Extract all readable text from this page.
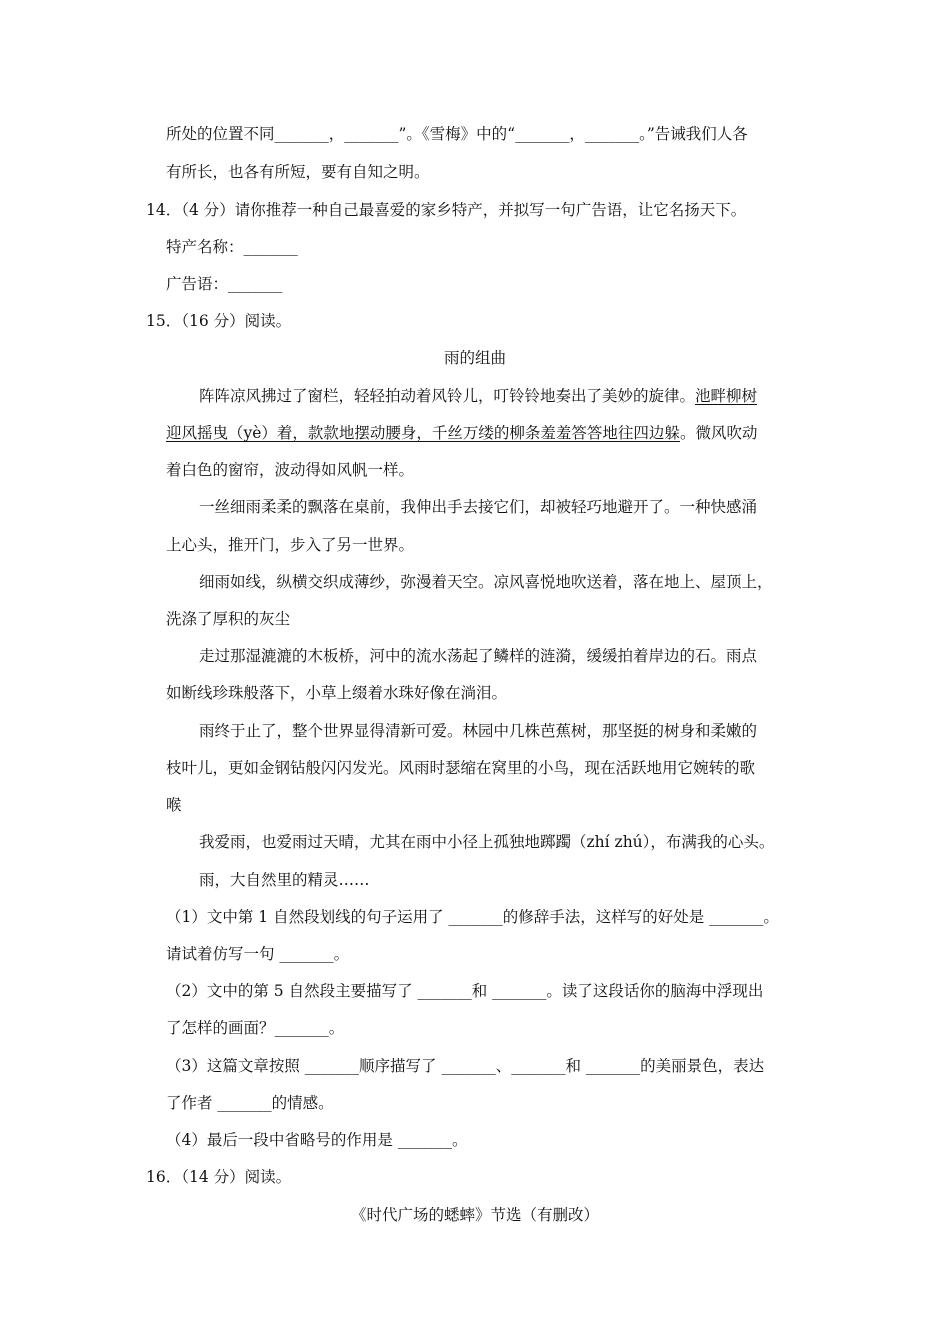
所处的位置不同_______，_______”。《雪梅》中的“_______，_______。”告诫我们人各
有所长，也各有所短，要有自知之明。
14．（4 分）请你推荐一种自己最喜爱的家乡特产，并拟写一句广告语，让它名扬天下。
特产名称：_______
广告语：_______
15．（16 分）阅读。
雨的组曲
阵阵凉风拂过了窗栏，轻轻拍动着风铃儿，叮铃铃地奏出了美妙的旋律。池畔柳树
迎风摇曳（yè）着，款款地摆动腰身，千丝万缕的柳条羞羞答答地往四边躲。微风吹动
着白色的窗帘，波动得如风帆一样。
一丝细雨柔柔的飘落在桌前，我伸出手去接它们，却被轻巧地避开了。一种快感涌
上心头，推开门，步入了另一世界。
细雨如线，纵横交织成薄纱，弥漫着天空。凉风喜悦地吹送着，落在地上、屋顶上，
洗涤了厚积的灰尘
走过那湿漉漉的木板桥，河中的流水荡起了鳞样的涟漪，缓缓拍着岸边的石。雨点
如断线珍珠般落下，小草上缀着水珠好像在淌泪。
雨终于止了，整个世界显得清新可爱。林园中几株芭蕉树，那坚挺的树身和柔嫩的
枝叶儿，更如金钢钻般闪闪发光。风雨时瑟缩在窝里的小鸟，现在活跃地用它婉转的歌
喉
我爱雨，也爱雨过天晴，尤其在雨中小径上孤独地踯躅（zhí zhú），布满我的心头。
雨，大自然里的精灵……
（1）文中第 1 自然段划线的句子运用了 _______的修辞手法，这样写的好处是 _______。
请试着仿写一句 _______。
（2）文中的第 5 自然段主要描写了 _______和 _______。读了这段话你的脑海中浮现出
了怎样的画面？_______。
（3）这篇文章按照 _______顺序描写了 _______、_______和 _______的美丽景色，表达
了作者 _______的情感。
（4）最后一段中省略号的作用是 _______。
16．（14 分）阅读。
《时代广场的蟋蟀》节选（有删改）
